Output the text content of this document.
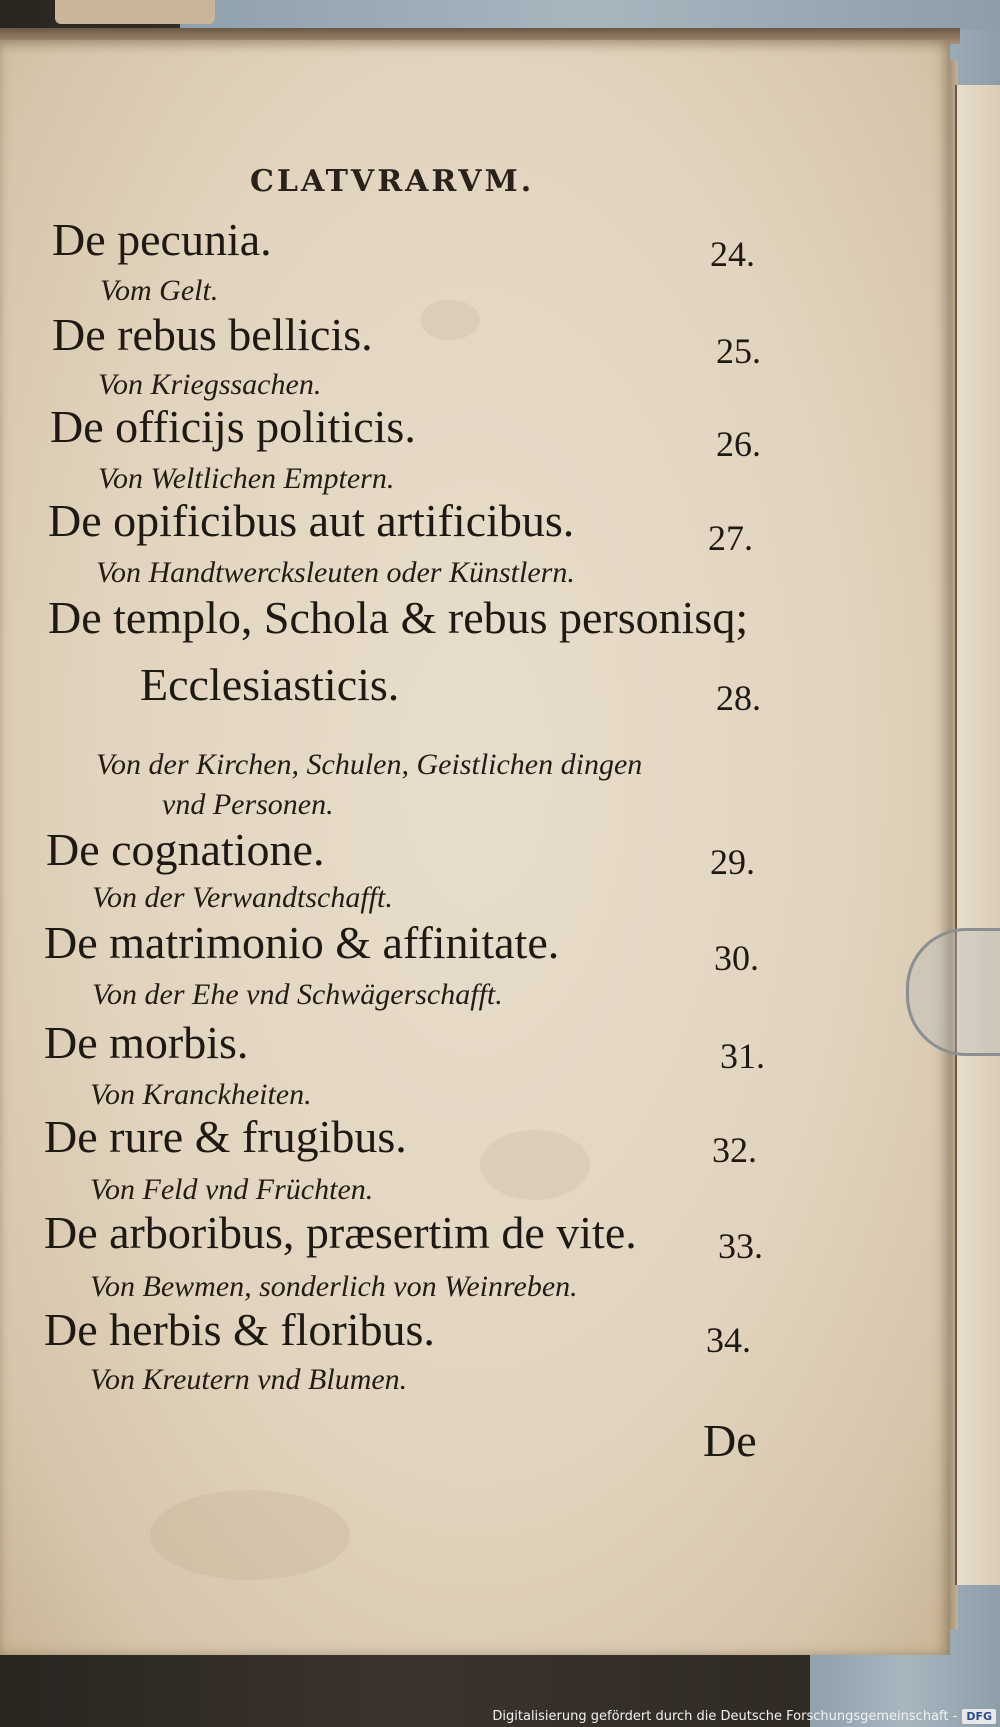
CLATVRARVM.
De pecunia.	24.
Vom Gelt.
De rebus bellicis.	25.
Von Kriegssachen.
De officijs politicis.	26.
Von Weltlichen Emptern.
De opificibus aut artificibus.	27.
Von Handtwercksleuten oder Künstlern.
De templo, Schola & rebus personisq;
Ecclesiasticis.	28.
Von der Kirchen, Schulen, Geistlichen dingen
vnd Personen.
De cognatione.	29.
Von der Verwandtschafft.
De matrimonio & affinitate.	30.
Von der Ehe vnd Schwägerschafft.
De morbis.	31.
Von Kranckheiten.
De rure & frugibus.	32.
Von Feld vnd Früchten.
De arboribus, præsertim de vite. 33.
Von Bewmen, sonderlich von Weinreben.
De herbis & floribus.	34.
Von Kreutern vnd Blumen.
De
Digitalisierung gefördert durch die Deutsche Forschungsgemeinschaft - DFG
